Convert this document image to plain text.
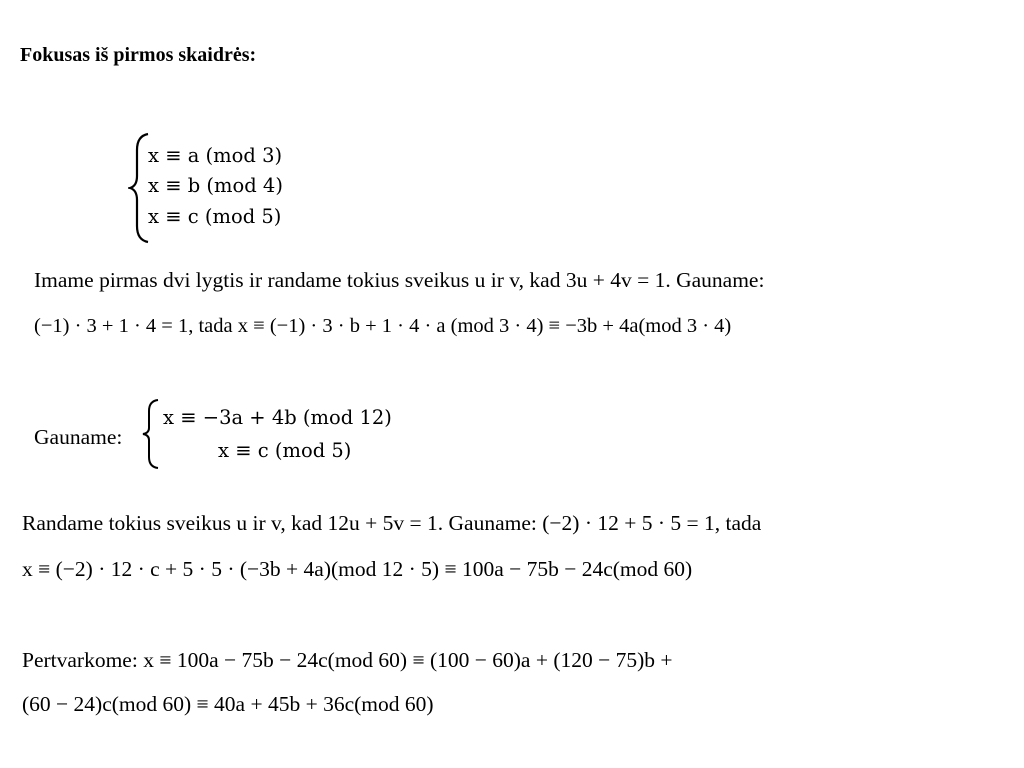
Fokusas iš pirmos skaidrės:
x ≡ a (mod 3)
x ≡ b (mod 4)
x ≡ c (mod 5)
Imame pirmas dvi lygtis ir randame tokius sveikus u ir v, kad 3u + 4v = 1. Gauname:
(−1) · 3 + 1 · 4 = 1, tada x ≡ (−1) · 3 · b + 1 · 4 · a (mod 3 · 4) ≡ −3b + 4a(mod 3 · 4)
Gauname:
x ≡ −3a + 4b (mod 12)
x ≡ c (mod 5)
Randame tokius sveikus u ir v, kad 12u + 5v = 1. Gauname: (−2) · 12 + 5 · 5 = 1, tada
x ≡ (−2) · 12 · c + 5 · 5 · (−3b + 4a)(mod 12 · 5) ≡ 100a − 75b − 24c(mod 60)
Pertvarkome: x ≡ 100a − 75b − 24c(mod 60) ≡ (100 − 60)a + (120 − 75)b +
(60 − 24)c(mod 60) ≡ 40a + 45b + 36c(mod 60)
